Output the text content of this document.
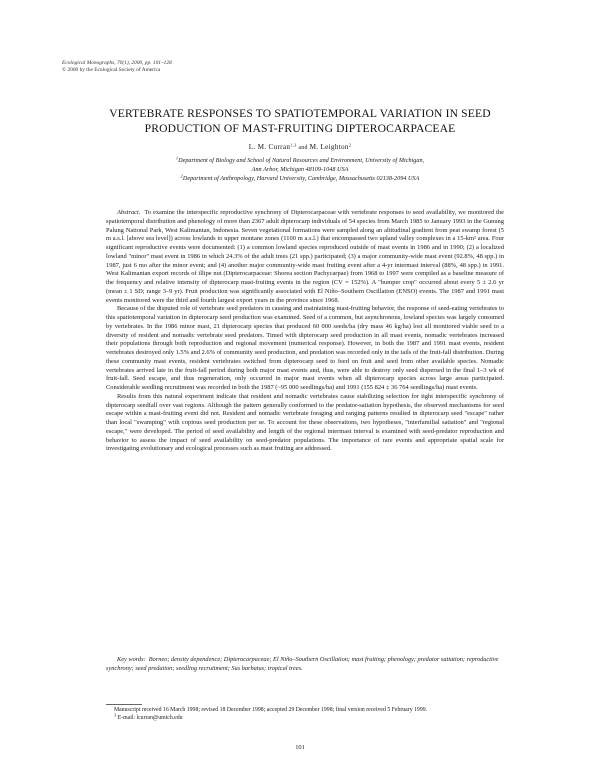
Ecological Monographs, 70(1), 2000, pp. 101–128
© 2000 by the Ecological Society of America
VERTEBRATE RESPONSES TO SPATIOTEMPORAL VARIATION IN SEED
PRODUCTION OF MAST-FRUITING DIPTEROCARPACEAE
L. M. Curran$^{1,3}$ and M. Leighton$^2$
$^1$Department of Biology and School of Natural Resources and Environment, University of Michigan,
Ann Arbor, Michigan 48109-1048 USA
$^2$Department of Anthropology, Harvard University, Cambridge, Massachusetts 02138-2094 USA

Abstract. To examine the interspecific reproductive synchrony of Dipterocarpaceae with vertebrate responses to seed availability, we monitored the spatiotemporal distribution and phenology of more than 2367 adult dipterocarp individuals of 54 species from March 1985 to January 1993 in the Gunung Palung National Park, West Kalimantan, Indonesia. Seven vegetational formations were sampled along an altitudinal gradient from peat swamp forest (5 m a.s.l. [above sea level]) across lowlands to upper montane zones (1100 m a.s.l.) that encompassed two upland valley complexes in a 15-km² area. Four significant reproductive events were documented: (1) a common lowland species reproduced outside of mast events in 1986 and in 1990; (2) a localized lowland "minor" mast event in 1986 in which 24.3% of the adult trees (21 spp.) participated; (3) a major community-wide mast event (92.8%, 48 spp.) in 1987, just 6 mo after the minor event; and (4) another major community-wide mast fruiting event after a 4-yr intermast interval (88%, 48 spp.) in 1991. West Kalimantan export records of illipe nut (Dipterocarpaceae: Shorea section Pachycarpae) from 1968 to 1997 were compiled as a baseline measure of the frequency and relative intensity of dipterocarp mast-fruiting events in the region (CV = 152%). A "bumper crop" occurred about every 5 ± 2.6 yr (mean ± 1 SD; range 3–9 yr). Fruit production was significantly associated with El Niño–Southern Oscillation (ENSO) events. The 1987 and 1991 mast events monitored were the third and fourth largest export years in the province since 1968.

Because of the disputed role of vertebrate seed predators in causing and maintaining mast-fruiting behavior, the response of seed-eating vertebrates to this spatiotemporal variation in dipterocarp seed production was examined. Seed of a common, but asynchronous, lowland species was largely consumed by vertebrates. In the 1986 minor mast, 21 dipterocarp species that produced 60 000 seeds/ha (dry mass 46 kg/ha) lost all monitored viable seed to a diversity of resident and nomadic vertebrate seed predators. Timed with dipterocarp seed production in all mast events, nomadic vertebrates increased their populations through both reproduction and regional movement (numerical response). However, in both the 1987 and 1991 mast events, resident vertebrates destroyed only 1.5% and 2.6% of community seed production, and predation was recorded only in the tails of the fruit-fall distribution. During these community mast events, resident vertebrates switched from dipterocarp seed to feed on fruit and seed from other available species. Nomadic vertebrates arrived late in the fruit-fall period during both major mast events and, thus, were able to destroy only seed dispersed in the final 1–3 wk of fruit-fall. Seed escape, and thus regeneration, only occurred in major mast events when all dipterocarp species across large areas participated. Considerable seedling recruitment was recorded in both the 1987 (~95 000 seedlings/ha) and 1991 (155 824 ± 36 764 seedlings/ha) mast events.

Results from this natural experiment indicate that resident and nomadic vertebrates cause stabilizing selection for tight interspecific synchrony of dipterocarp seedfall over vast regions. Although the pattern generally conformed to the predator-satiation hypothesis, the observed mechanisms for seed escape within a mast-fruiting event did not. Resident and nomadic vertebrate foraging and ranging patterns resulted in dipterocarp seed "escape" rather than local "swamping" with copious seed production per se. To account for these observations, two hypotheses, "interfamilial satiation" and "regional escape," were developed. The period of seed availability and length of the regional intermast interval is examined with seed-predator reproduction and behavior to assess the impact of seed availability on seed-predator populations. The importance of rare events and appropriate spatial scale for investigating evolutionary and ecological processes such as mast fruiting are addressed.

Key words: Borneo; density dependence; Dipterocarpaceae; El Niño–Southern Oscillation; mast fruiting; phenology; predator satiation; reproductive synchrony; seed predation; seedling recruitment; Sus barbatus; tropical trees.

Manuscript received 16 March 1998; revised 18 December 1998; accepted 29 December 1998; final version received 5 February 1999.

$^3$ E-mail: lcurran@umich.edu

101
